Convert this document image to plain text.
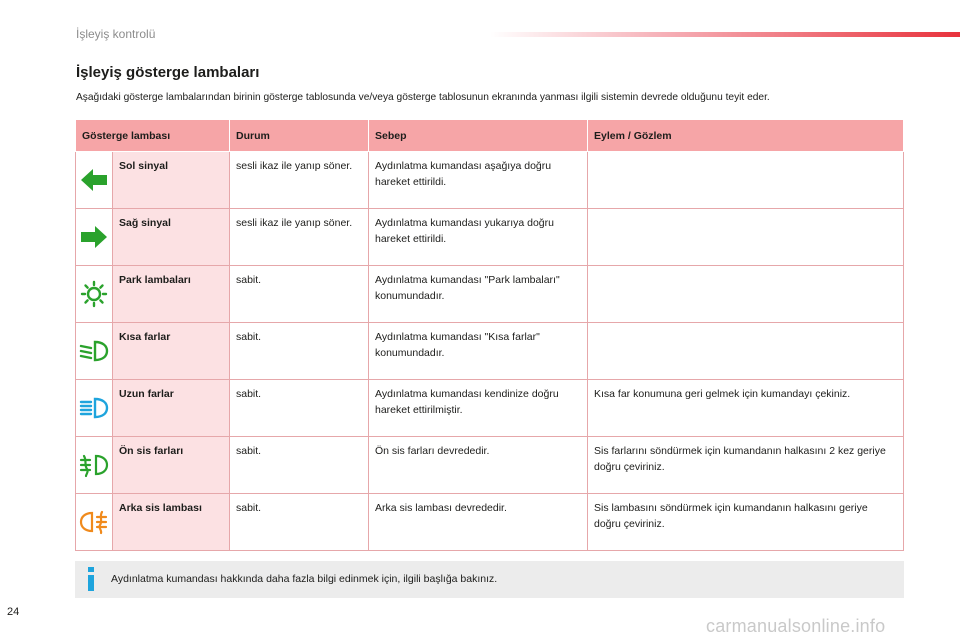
İşleyiş kontrolü
İşleyiş gösterge lambaları
Aşağıdaki gösterge lambalarından birinin gösterge tablosunda ve/veya gösterge tablosunun ekranında yanması ilgili sistemin devrede olduğunu teyit eder.
Gösterge lambası		Durum	Sebep	Eylem / Gözlem

	Sol sinyal	sesli ikaz ile yanıp söner.	Aydınlatma kumandası aşağıya doğru hareket ettirildi.	

	Sağ sinyal	sesli ikaz ile yanıp söner.	Aydınlatma kumandası yukarıya doğru hareket ettirildi.	

	Park lambaları	sabit.	Aydınlatma kumandası "Park lambaları" konumundadır.	

	Kısa farlar	sabit.	Aydınlatma kumandası "Kısa farlar" konumundadır.	

	Uzun farlar	sabit.	Aydınlatma kumandası kendinize doğru hareket ettirilmiştir.	Kısa far konumuna geri gelmek için kumandayı çekiniz.

	Ön sis farları	sabit.	Ön sis farları devrededir.	Sis farlarını söndürmek için kumandanın halkasını 2 kez geriye doğru çeviriniz.

	Arka sis lambası	sabit.	Arka sis lambası devrededir.	Sis lambasını söndürmek için kumandanın halkasını geriye doğru çeviriniz.
Aydınlatma kumandası hakkında daha fazla bilgi edinmek için, ilgili başlığa bakınız.
24
carmanualsonline.info
